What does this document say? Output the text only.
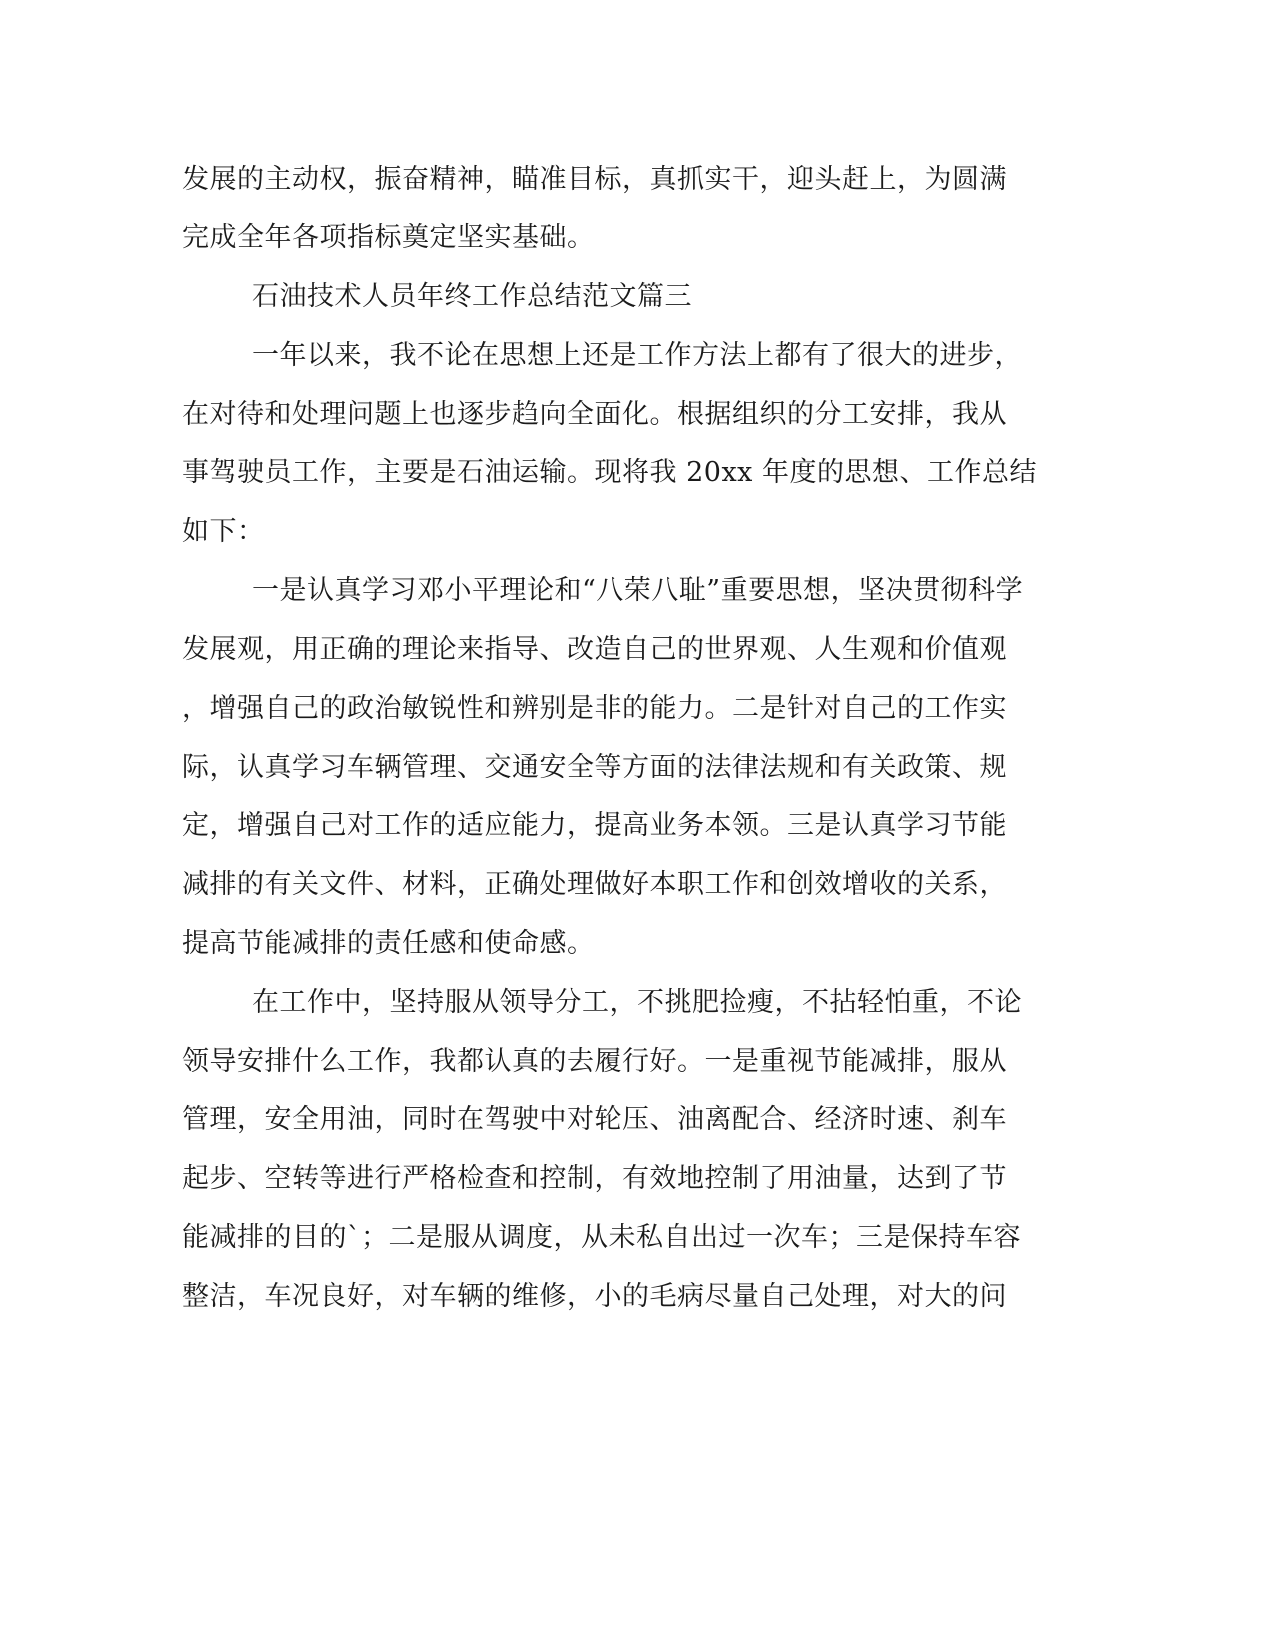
发展的主动权，振奋精神，瞄准目标，真抓实干，迎头赶上，为圆满
完成全年各项指标奠定坚实基础。
石油技术人员年终工作总结范文篇三
一年以来，我不论在思想上还是工作方法上都有了很大的进步，
在对待和处理问题上也逐步趋向全面化。根据组织的分工安排，我从
事驾驶员工作，主要是石油运输。现将我 20xx 年度的思想、工作总结
如下：
一是认真学习邓小平理论和“八荣八耻”重要思想，坚决贯彻科学
发展观，用正确的理论来指导、改造自己的世界观、人生观和价值观
，增强自己的政治敏锐性和辨别是非的能力。二是针对自己的工作实
际，认真学习车辆管理、交通安全等方面的法律法规和有关政策、规
定，增强自己对工作的适应能力，提高业务本领。三是认真学习节能
减排的有关文件、材料，正确处理做好本职工作和创效增收的关系，
提高节能减排的责任感和使命感。
在工作中，坚持服从领导分工，不挑肥捡瘦，不拈轻怕重，不论
领导安排什么工作，我都认真的去履行好。一是重视节能减排，服从
管理，安全用油，同时在驾驶中对轮压、油离配合、经济时速、刹车
起步、空转等进行严格检查和控制，有效地控制了用油量，达到了节
能减排的目的`；二是服从调度，从未私自出过一次车；三是保持车容
整洁，车况良好，对车辆的维修，小的毛病尽量自己处理，对大的问
